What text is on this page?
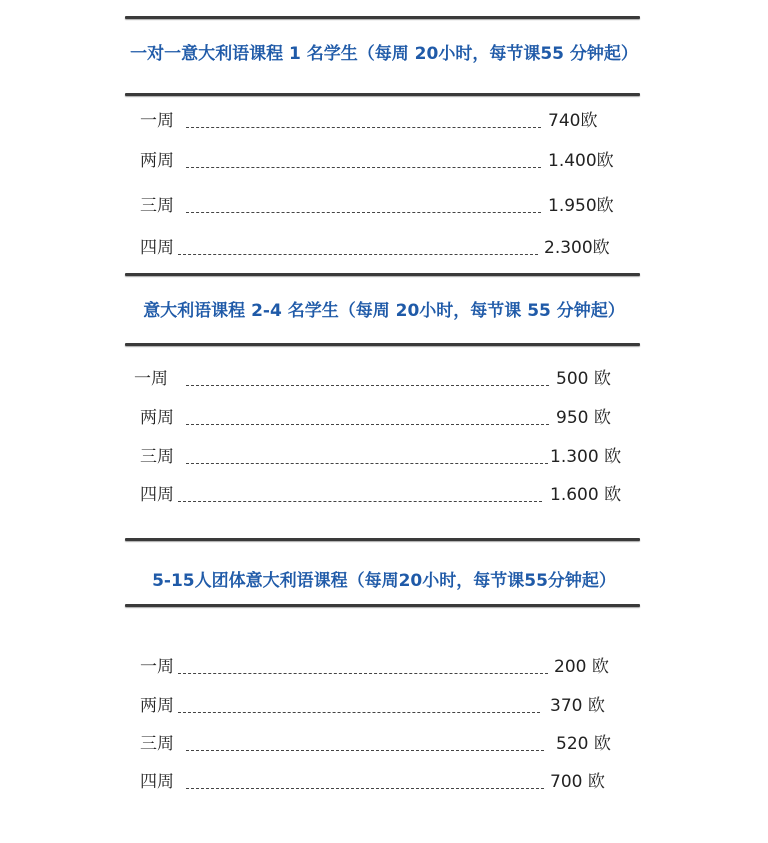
一对一意大利语课程 1 名学生（每周 20小时，每节课55 分钟起）
一周	740欧
两周	1.400欧
三周	1.950欧
四周	2.300欧
意大利语课程 2-4 名学生（每周 20小时，每节课 55 分钟起）
一周	500 欧
两周	950 欧
三周	1.300 欧
四周	1.600 欧
5-15人团体意大利语课程（每周20小时，每节课55分钟起）
一周	200 欧
两周	370 欧
三周	520 欧
四周	700 欧
